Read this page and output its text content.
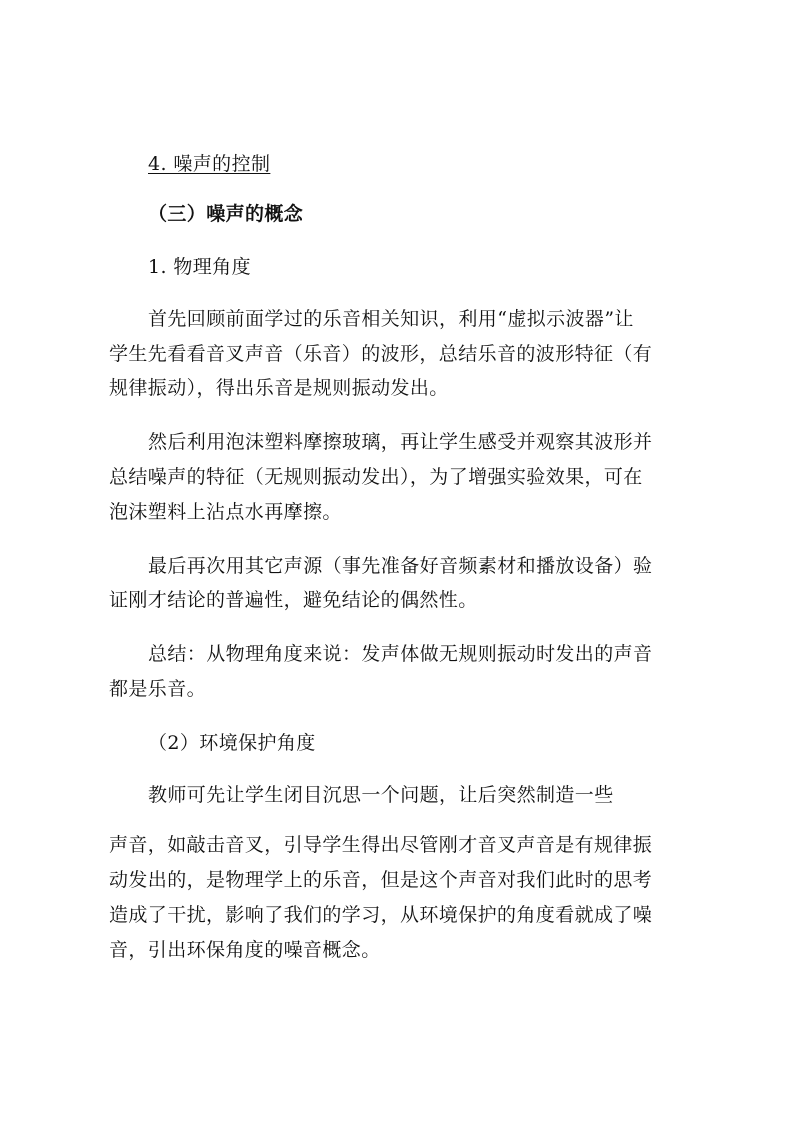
4. 噪声的控制
（三）噪声的概念
1. 物理角度
首先回顾前面学过的乐音相关知识，利用“虚拟示波器”让
学生先看看音叉声音（乐音）的波形，总结乐音的波形特征（有
规律振动），得出乐音是规则振动发出。
然后利用泡沫塑料摩擦玻璃，再让学生感受并观察其波形并
总结噪声的特征（无规则振动发出），为了增强实验效果，可在
泡沫塑料上沾点水再摩擦。
最后再次用其它声源（事先准备好音频素材和播放设备）验
证刚才结论的普遍性，避免结论的偶然性。
总结：从物理角度来说：发声体做无规则振动时发出的声音
都是乐音。
（2）环境保护角度
教师可先让学生闭目沉思一个问题，让后突然制造一些
声音，如敲击音叉，引导学生得出尽管刚才音叉声音是有规律振
动发出的，是物理学上的乐音，但是这个声音对我们此时的思考
造成了干扰，影响了我们的学习，从环境保护的角度看就成了噪
音，引出环保角度的噪音概念。
